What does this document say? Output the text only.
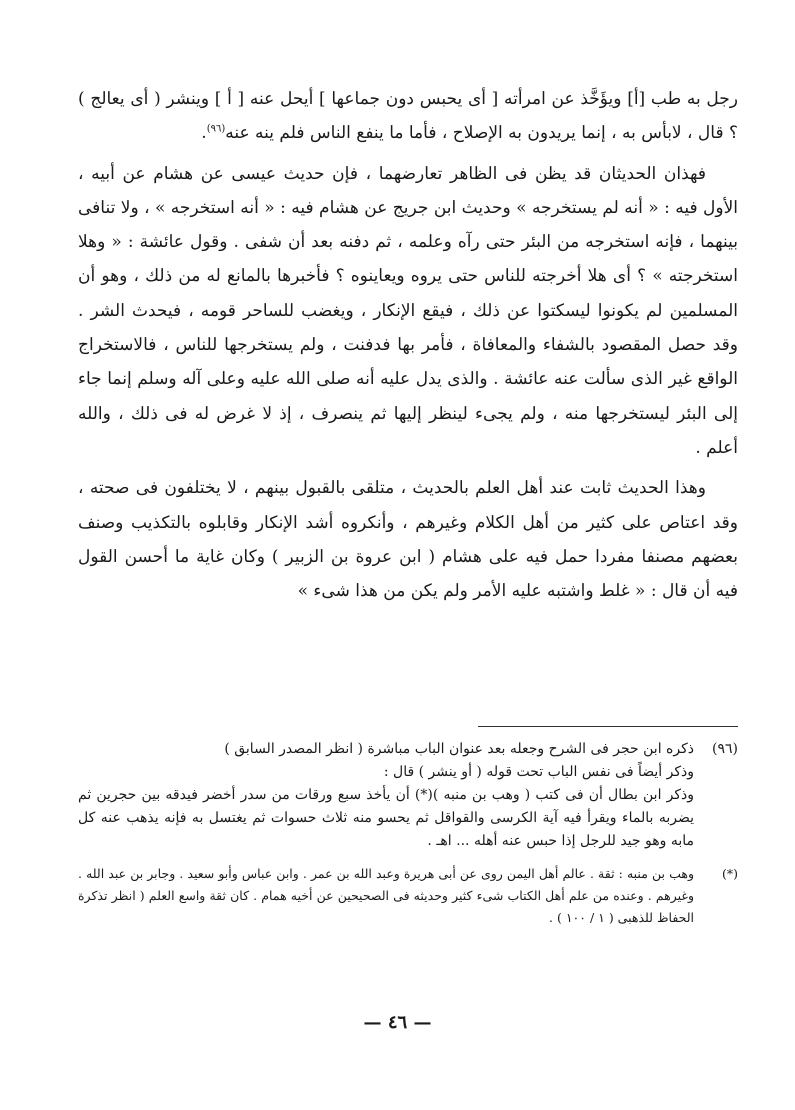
رجل به طب [أ] ويؤَخَّذ عن امرأته [ أى يحبس دون جماعها ] أيحل عنه [ أ ] وينشر ( أى يعالج ) ؟ قال ، لابأس به ، إنما يريدون به الإصلاح ، فأما ما ينفع الناس فلم ينه عنه$^{(٩٦)}$.

فهذان الحديثان قد يظن فى الظاهر تعارضهما ، فإن حديث عيسى عن هشام عن أبيه ، الأول فيه : « أنه لم يستخرجه » وحديث ابن جريج عن هشام فيه : « أنه استخرجه » ، ولا تنافى بينهما ، فإنه استخرجه من البئر حتى رآه وعلمه ، ثم دفنه بعد أن شفى . وقول عائشة : « وهلا استخرجته » ؟ أى هلا أخرجته للناس حتى يروه ويعاينوه ؟ فأخبرها بالمانع له من ذلك ، وهو أن المسلمين لم يكونوا ليسكتوا عن ذلك ، فيقع الإنكار ، ويغضب للساحر قومه ، فيحدث الشر . وقد حصل المقصود بالشفاء والمعافاة ، فأمر بها فدفنت ، ولم يستخرجها للناس ، فالاستخراج الواقع غير الذى سألت عنه عائشة . والذى يدل عليه أنه صلى الله عليه وعلى آله وسلم إنما جاء إلى البئر ليستخرجها منه ، ولم يجىء لينظر إليها ثم ينصرف ، إذ لا غرض له فى ذلك ، والله أعلم .

وهذا الحديث ثابت عند أهل العلم بالحديث ، متلقى بالقبول بينهم ، لا يختلفون فى صحته ، وقد اعتاص على كثير من أهل الكلام وغيرهم ، وأنكروه أشد الإنكار وقابلوه بالتكذيب وصنف بعضهم مصنفا مفردا حمل فيه على هشام ( ابن عروة بن الزبير ) وكان غاية ما أحسن القول فيه أن قال : « غلط واشتبه عليه الأمر ولم يكن من هذا شىء »

(٩٦)
ذكره ابن حجر فى الشرح وجعله بعد عنوان الباب مباشرة ( انظر المصدر السابق )
وذكر أيضاً فى نفس الباب تحت قوله ( أو ينشر ) قال :
وذكر ابن بطال أن فى كتب ( وهب بن منبه )(*) أن يأخذ سبع ورقات من سدر أخضر فيدقه بين حجرين ثم يضربه بالماء ويقرأ فيه آية الكرسى والقواقل ثم يحسو منه ثلاث حسوات ثم يغتسل به فإنه يذهب عنه كل مابه وهو جيد للرجل إذا حبس عنه أهله ... اهـ .
(*)
وهب بن منبه : ثقة . عالم أهل اليمن روى عن أبى هريرة وعبد الله بن عمر . وابن عباس وأبو سعيد . وجابر بن عبد الله . وغيرهم . وعنده من علم أهل الكتاب شىء كثير وحديثه فى الصحيحين عن أخيه همام . كان ثقة واسع العلم ( انظر تذكرة الحفاظ للذهبى ( ١ / ١٠٠ ) .
— ٤٦ —
